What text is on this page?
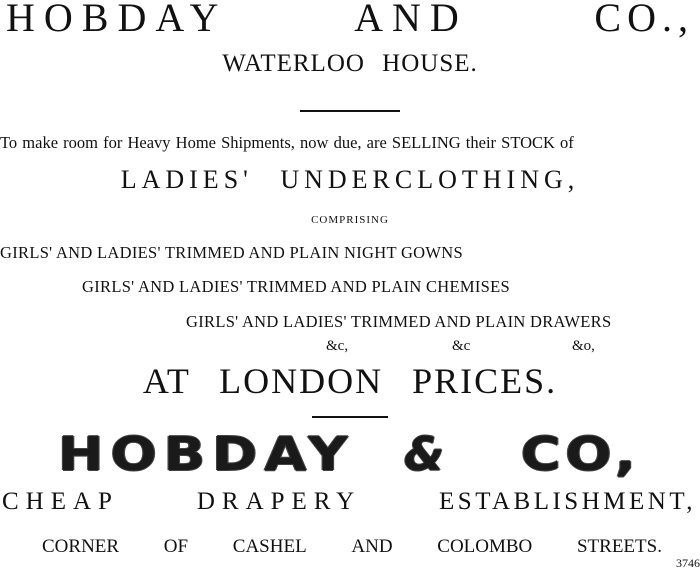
HOBDAY	AND	CO.,
WATERLOO HOUSE.
To make room for Heavy Home Shipments, now due, are SELLING their STOCK of
LADIES' UNDERCLOTHING,
COMPRISING
GIRLS' AND LADIES' TRIMMED AND PLAIN NIGHT GOWNS
GIRLS' AND LADIES' TRIMMED AND PLAIN CHEMISES
GIRLS' AND LADIES' TRIMMED AND PLAIN DRAWERS
&c,	&c	&o,
AT LONDON PRICES.
HOBDAY & CO,
CHEAP	DRAPERY	ESTABLISHMENT,
CORNER OF CASHEL AND COLOMBO STREETS.
3746
